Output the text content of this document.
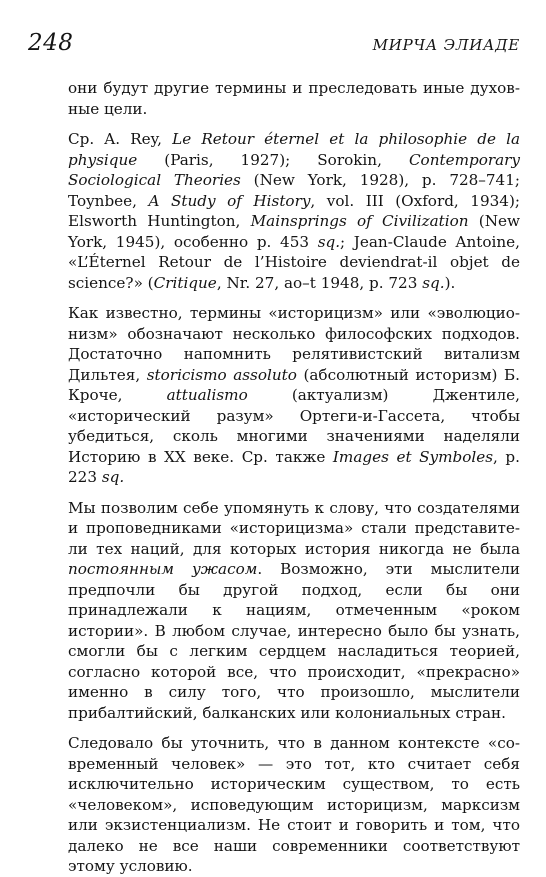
248	МИРЧА ЭЛИАДЕ

они будут другие термины и преследовать иные духовные цели.

Ср. A. Rey, Le Retour éternel et la philosophie de la physique (Paris, 1927); Sorokin, Contemporary Sociological Theories (New York, 1928), p. 728–741; Toynbee, A Study of History, vol. III (Oxford, 1934); Elsworth Huntington, Mainsprings of Civilization (New York, 1945), особенно p. 453 sq.; Jean-Claude Antoine, «L’Éternel Retour de l’Histoire deviendrat-il objet de science?» (Critique, Nr. 27, ao–t 1948, p. 723 sq.).

Как известно, термины «историцизм» или «эволюционизм» обозначают несколько философских подходов. Достаточно напомнить релятивистский витализм Дильтея, storicismo assoluto (абсолютный историзм) Б. Кроче, attualismo (актуализм) Джентиле, «исторический разум» Ортеги-и-Гассета, чтобы убедиться, сколь многими значениями наделяли Историю в XX веке. Ср. также Images et Symboles, p. 223 sq.

Мы позволим себе упомянуть к слову, что создателями и проповедниками «историцизма» стали представители тех наций, для которых история никогда не была постоянным ужасом. Возможно, эти мыслители предпочли бы другой подход, если бы они принадлежали к нациям, отмеченным «роком истории». В любом случае, интересно было бы узнать, смогли бы с легким сердцем насладиться теорией, согласно которой все, что происходит, «прекрасно» именно в силу того, что произошло, мыслители прибалтийский, балканских или колониальных стран.

Следовало бы уточнить, что в данном контексте «современный человек» — это тот, кто считает себя исключительно историческим существом, то есть «человеком», исповедующим историцизм, марксизм или экзистенциализм. Не стоит и говорить и том, что далеко не все наши современники соответствуют этому условию.
